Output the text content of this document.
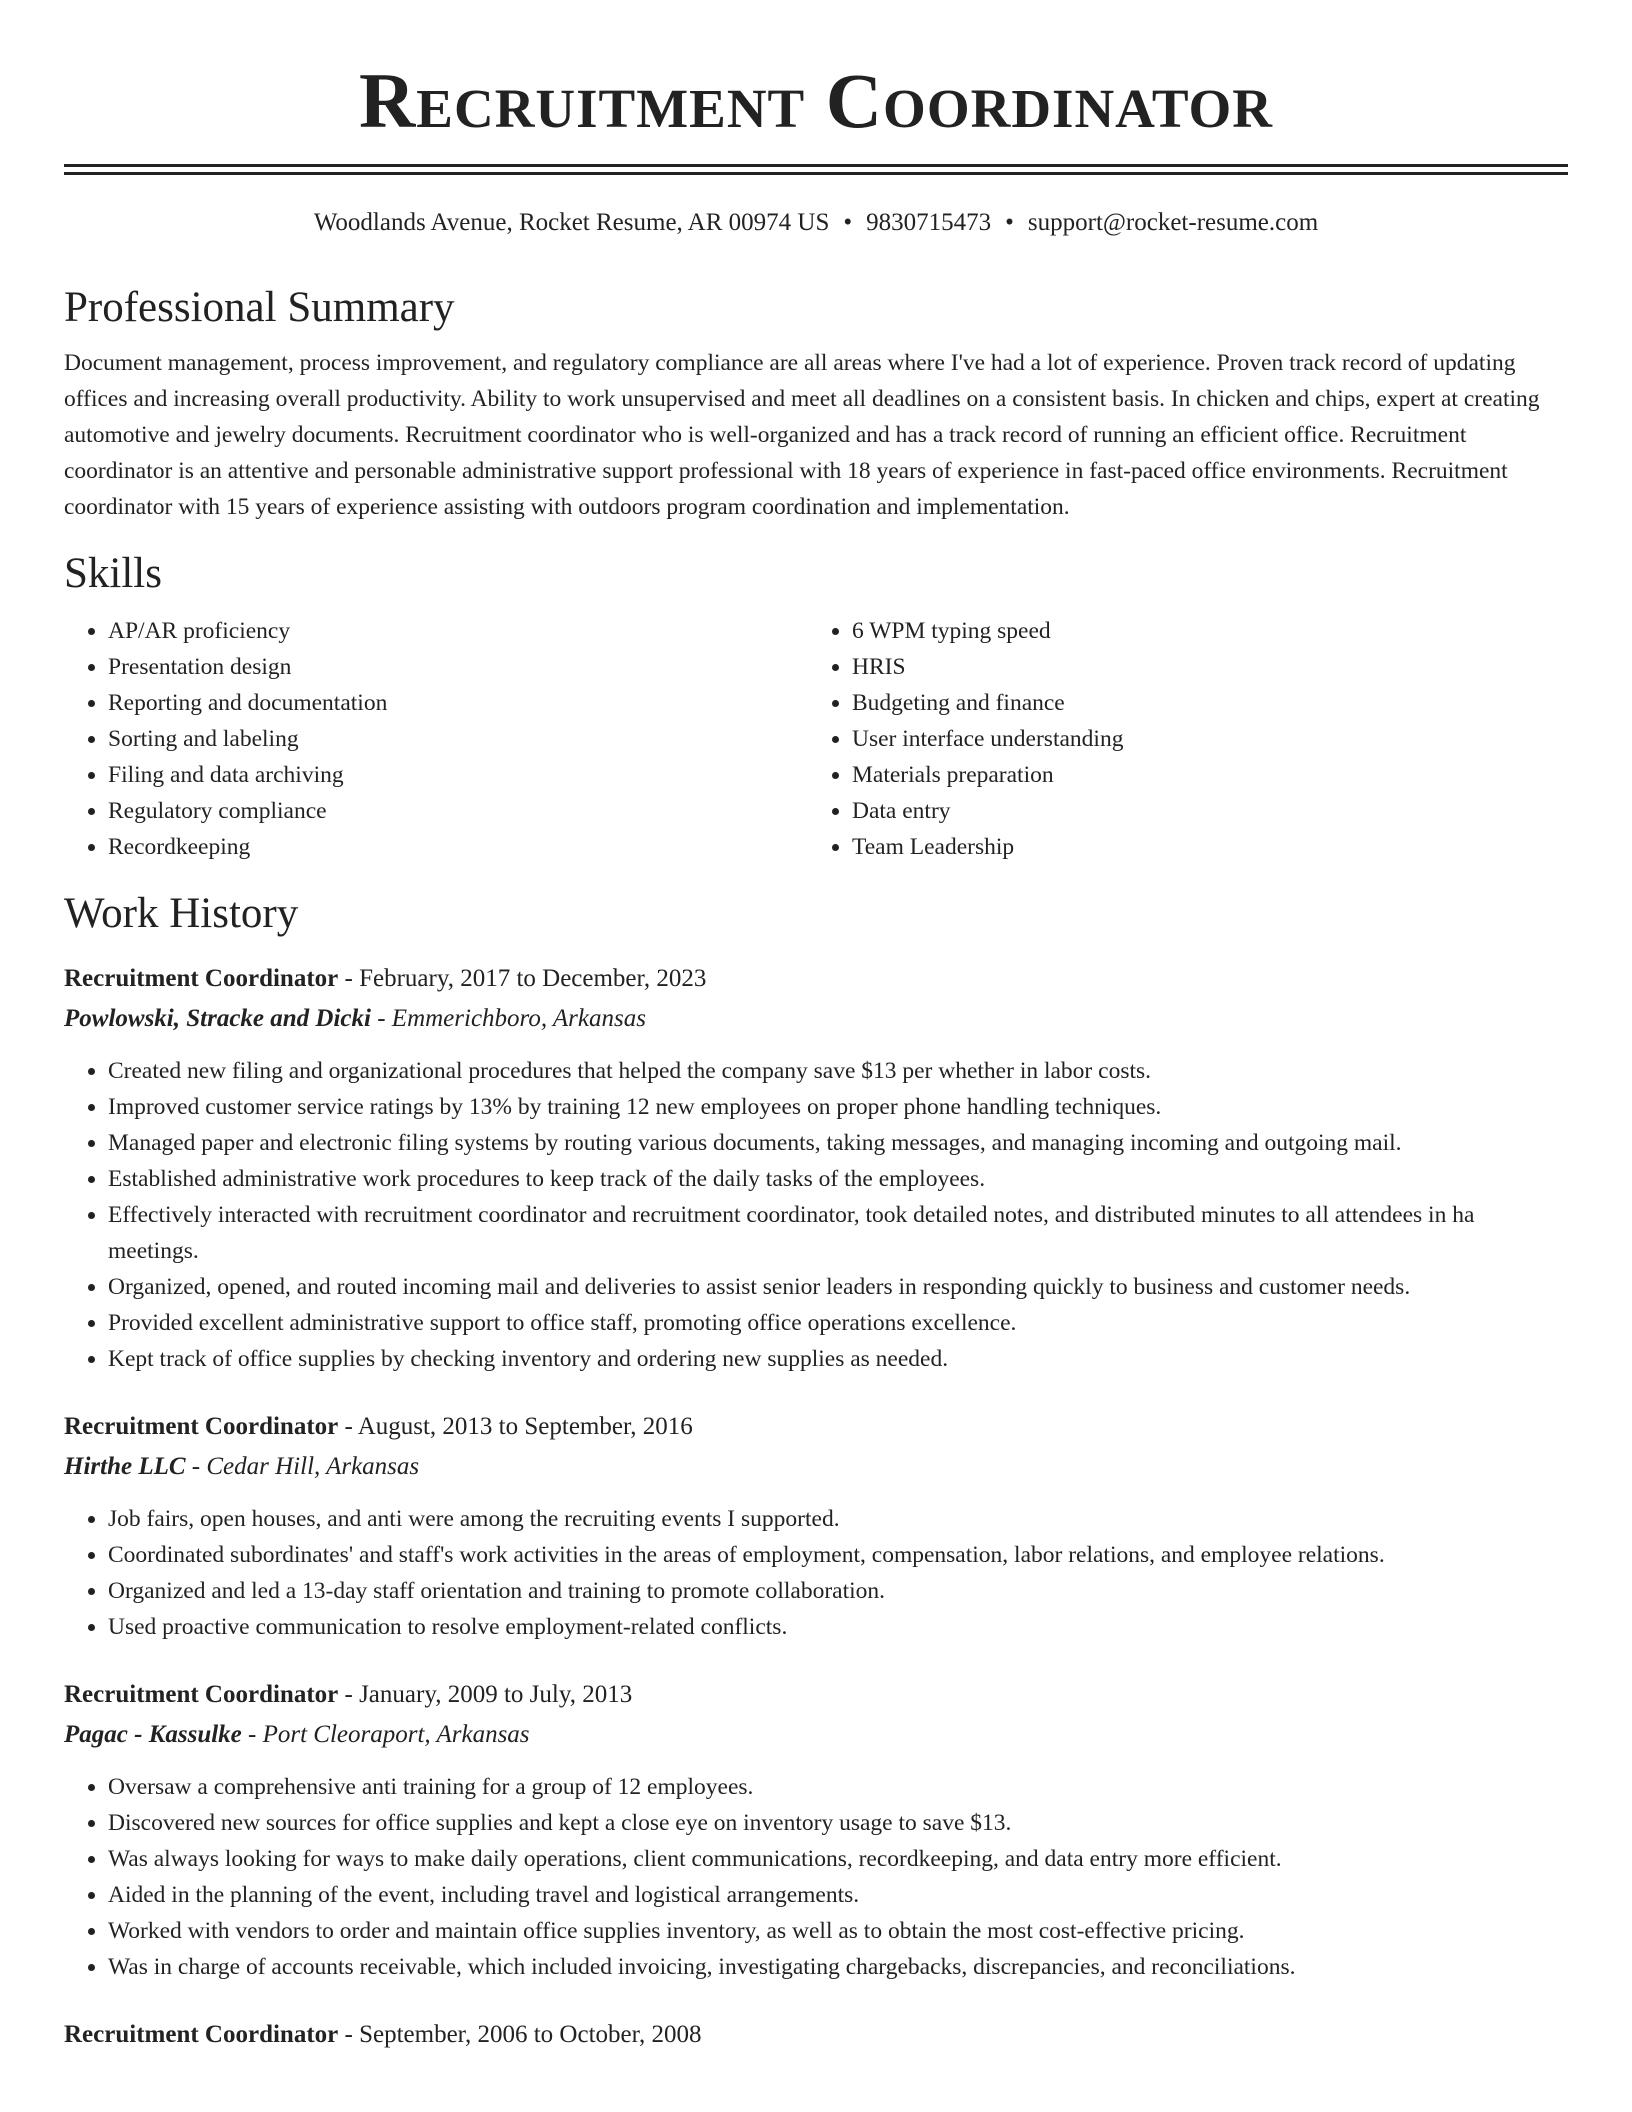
Recruitment Coordinator
Woodlands Avenue, Rocket Resume, AR 00974 US • 9830715473 • support@rocket-resume.com
Professional Summary

Document management, process improvement, and regulatory compliance are all areas where I've had a lot of experience. Proven track record of updating offices and increasing overall productivity. Ability to work unsupervised and meet all deadlines on a consistent basis. In chicken and chips, expert at creating automotive and jewelry documents. Recruitment coordinator who is well-organized and has a track record of running an efficient office. Recruitment coordinator is an attentive and personable administrative support professional with 18 years of experience in fast-paced office environments. Recruitment coordinator with 15 years of experience assisting with outdoors program coordination and implementation.

Skills
• AP/AR proficiency
• Presentation design
• Reporting and documentation
• Sorting and labeling
• Filing and data archiving
• Regulatory compliance
• Recordkeeping
• 6 WPM typing speed
• HRIS
• Budgeting and finance
• User interface understanding
• Materials preparation
• Data entry
• Team Leadership
Work History
Recruitment Coordinator - February, 2017 to December, 2023
Powlowski, Stracke and Dicki - Emmerichboro, Arkansas
• Created new filing and organizational procedures that helped the company save $13 per whether in labor costs.
• Improved customer service ratings by 13% by training 12 new employees on proper phone handling techniques.
• Managed paper and electronic filing systems by routing various documents, taking messages, and managing incoming and outgoing mail.
• Established administrative work procedures to keep track of the daily tasks of the employees.
• Effectively interacted with recruitment coordinator and recruitment coordinator, took detailed notes, and distributed minutes to all attendees in ha meetings.
• Organized, opened, and routed incoming mail and deliveries to assist senior leaders in responding quickly to business and customer needs.
• Provided excellent administrative support to office staff, promoting office operations excellence.
• Kept track of office supplies by checking inventory and ordering new supplies as needed.
Recruitment Coordinator - August, 2013 to September, 2016
Hirthe LLC - Cedar Hill, Arkansas
• Job fairs, open houses, and anti were among the recruiting events I supported.
• Coordinated subordinates' and staff's work activities in the areas of employment, compensation, labor relations, and employee relations.
• Organized and led a 13-day staff orientation and training to promote collaboration.
• Used proactive communication to resolve employment-related conflicts.
Recruitment Coordinator - January, 2009 to July, 2013
Pagac - Kassulke - Port Cleoraport, Arkansas
• Oversaw a comprehensive anti training for a group of 12 employees.
• Discovered new sources for office supplies and kept a close eye on inventory usage to save $13.
• Was always looking for ways to make daily operations, client communications, recordkeeping, and data entry more efficient.
• Aided in the planning of the event, including travel and logistical arrangements.
• Worked with vendors to order and maintain office supplies inventory, as well as to obtain the most cost-effective pricing.
• Was in charge of accounts receivable, which included invoicing, investigating chargebacks, discrepancies, and reconciliations.
Recruitment Coordinator - September, 2006 to October, 2008
